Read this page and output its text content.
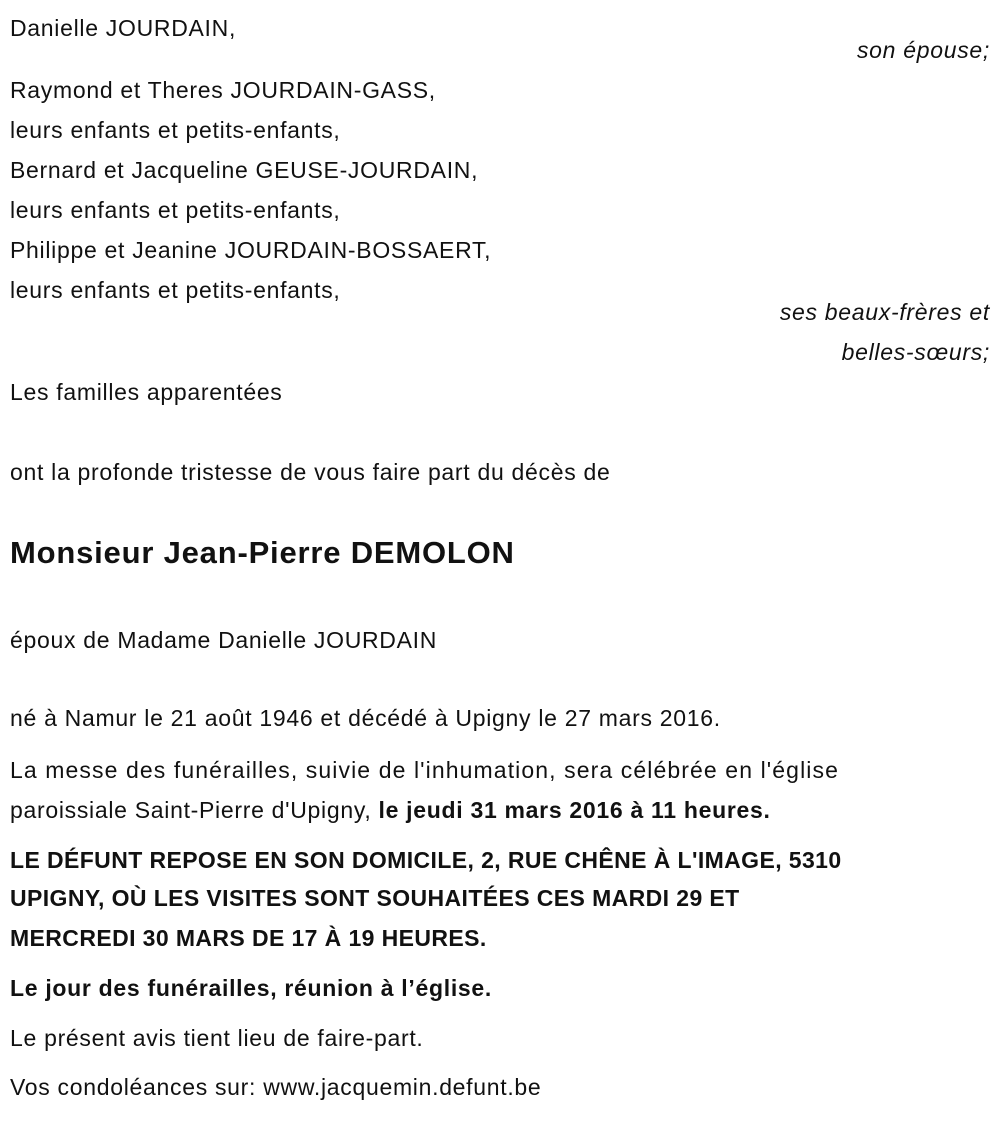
Danielle JOURDAIN,
son épouse;
Raymond et Theres JOURDAIN-GASS,
leurs enfants et petits-enfants,
Bernard et Jacqueline GEUSE-JOURDAIN,
leurs enfants et petits-enfants,
Philippe et Jeanine JOURDAIN-BOSSAERT,
leurs enfants et petits-enfants,
ses beaux-frères et
belles-sœurs;
Les familles apparentées
ont la profonde tristesse de vous faire part du décès de
Monsieur Jean-Pierre DEMOLON
époux de Madame Danielle JOURDAIN
né à Namur le 21 août 1946 et décédé à Upigny le 27 mars 2016.
La messe des funérailles, suivie de l'inhumation, sera célébrée en l'église
paroissiale Saint-Pierre d'Upigny, le jeudi 31 mars 2016 à 11 heures.
LE DÉFUNT REPOSE EN SON DOMICILE, 2, RUE CHÊNE À L'IMAGE, 5310
UPIGNY, OÙ LES VISITES SONT SOUHAITÉES CES MARDI 29 ET
MERCREDI 30 MARS DE 17 À 19 HEURES.
Le jour des funérailles, réunion à l’église.
Le présent avis tient lieu de faire-part.
Vos condoléances sur: www.jacquemin.defunt.be
